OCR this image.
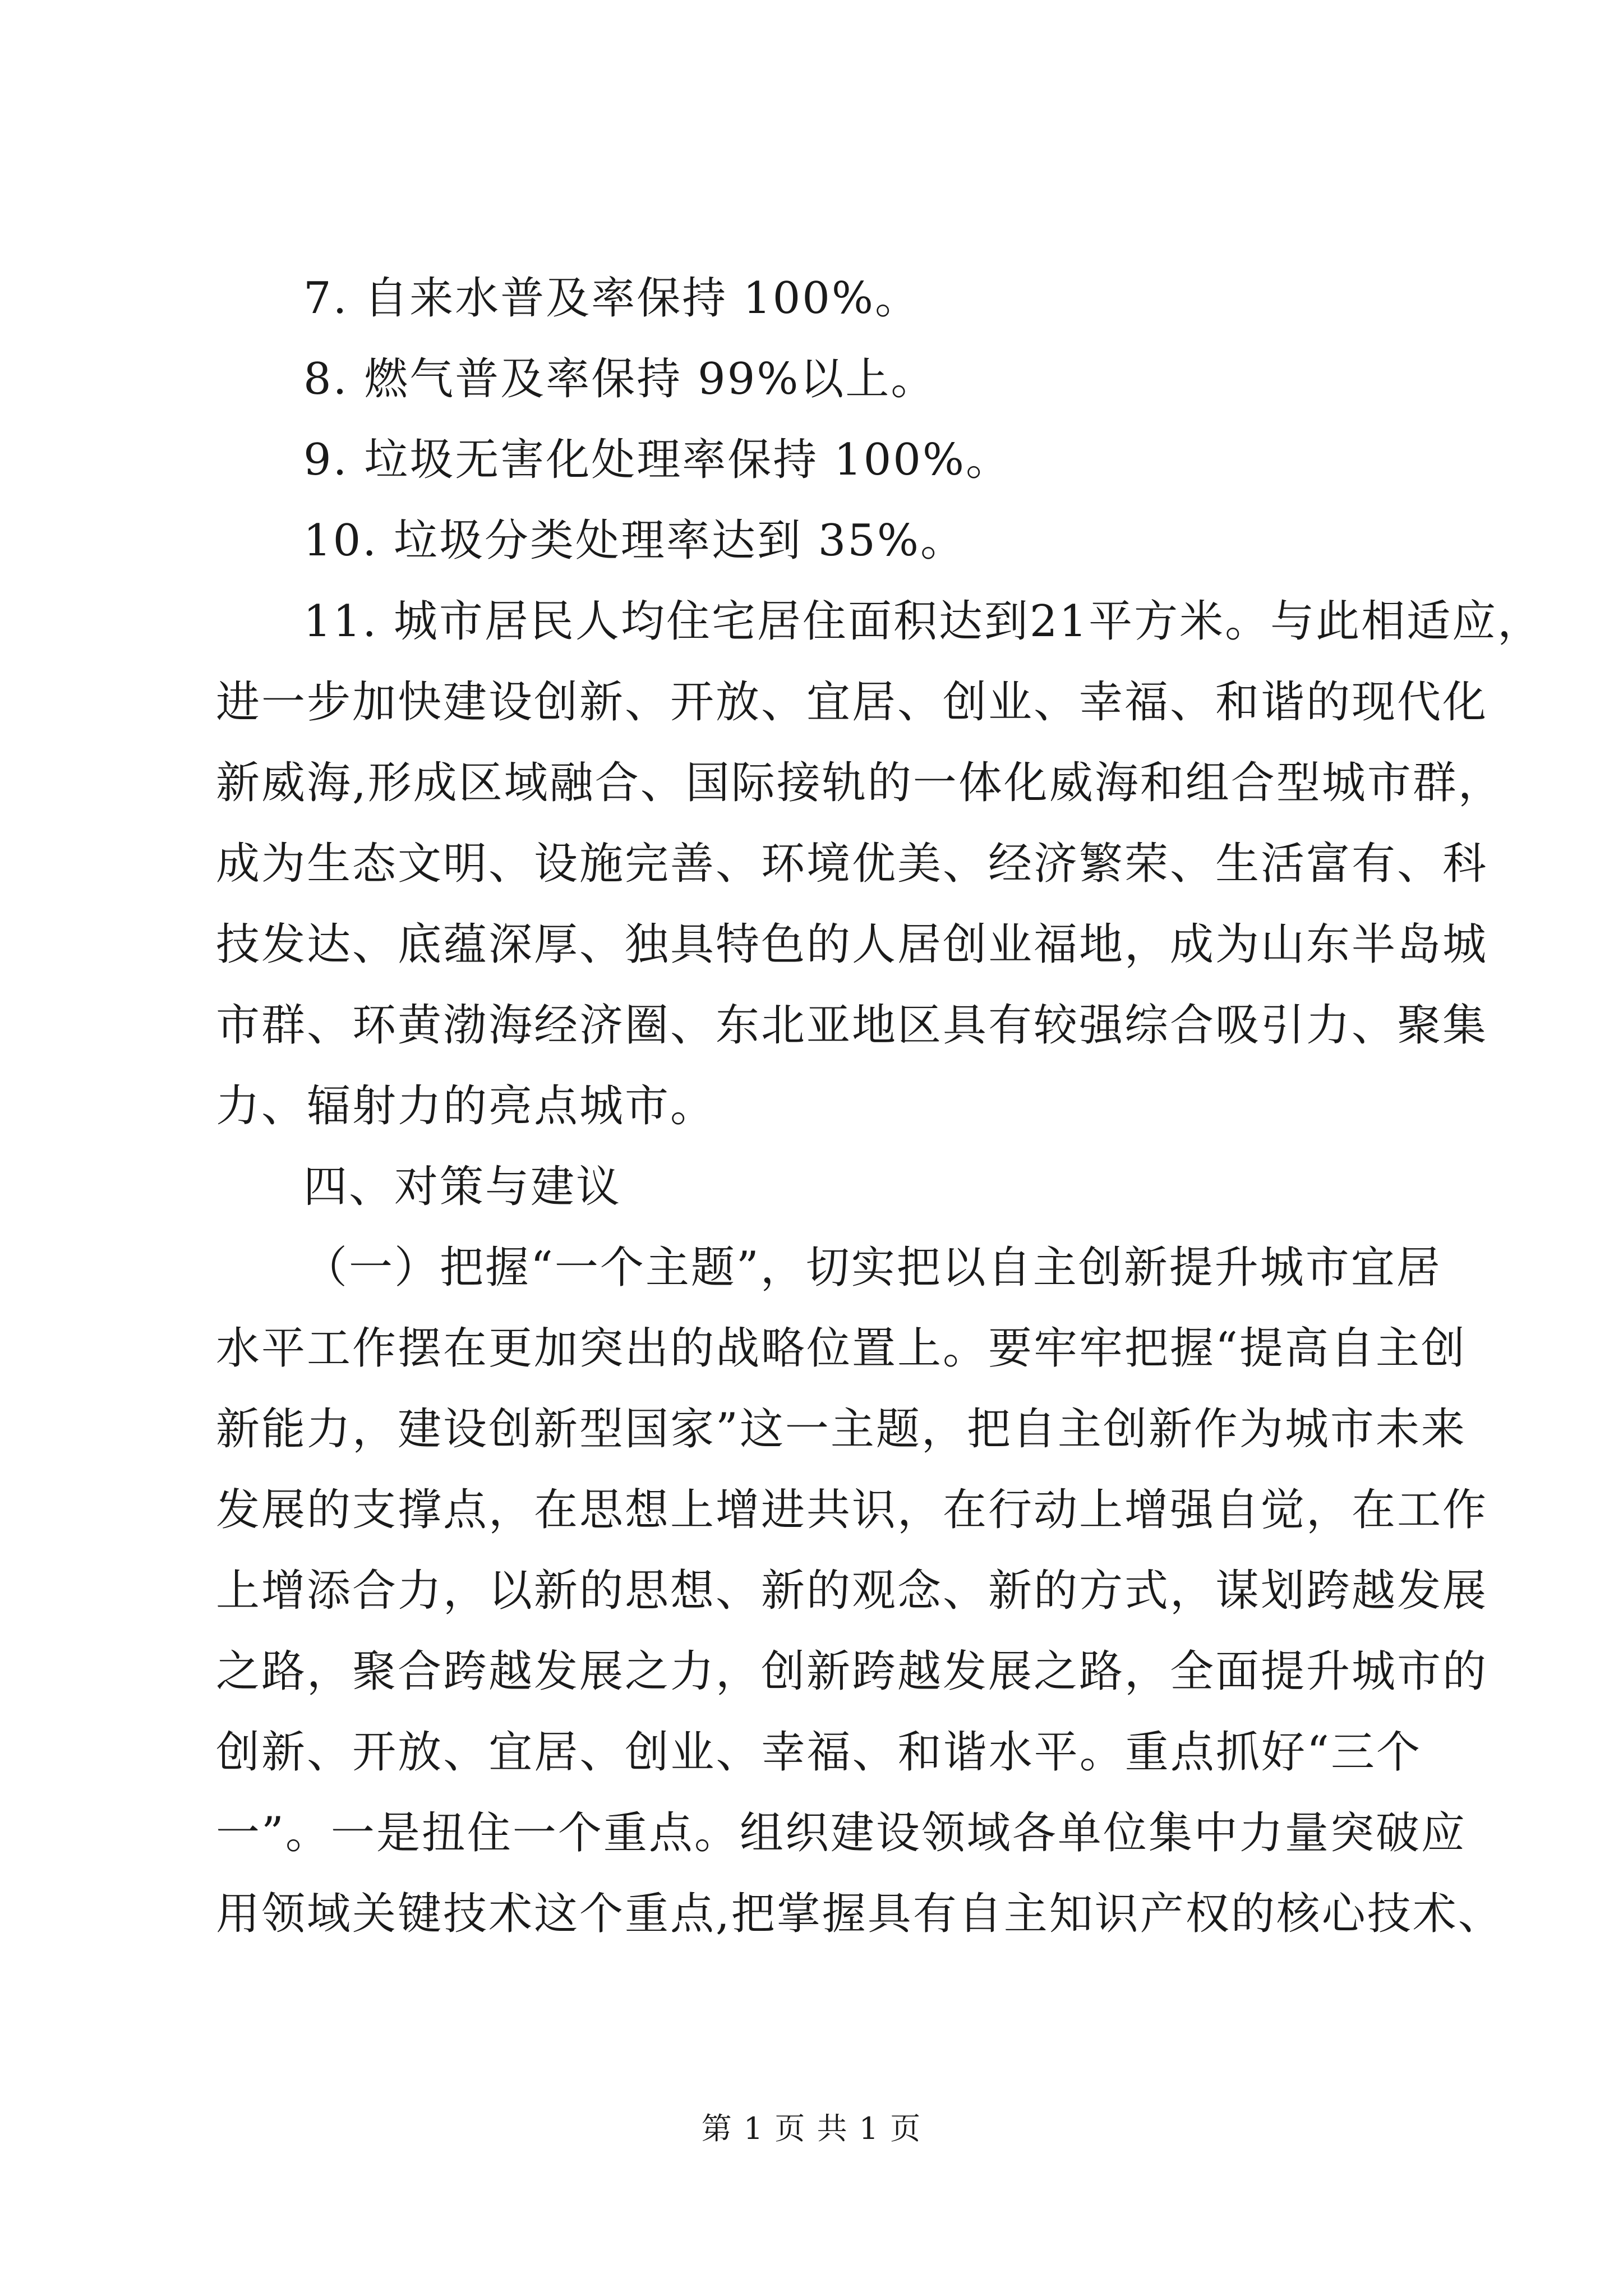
7. 自来水普及率保持 100%。

8. 燃气普及率保持 99%以上。

9. 垃圾无害化处理率保持 100%。

10. 垃圾分类处理率达到 35%。

11. 城市居民人均住宅居住面积达到21平方米。与此相适应，
进一步加快建设创新、开放、宜居、创业、幸福、和谐的现代化
新威海,形成区域融合、国际接轨的一体化威海和组合型城市群，
成为生态文明、设施完善、环境优美、经济繁荣、生活富有、科
技发达、底蕴深厚、独具特色的人居创业福地，成为山东半岛城
市群、环黄渤海经济圈、东北亚地区具有较强综合吸引力、聚集
力、辐射力的亮点城市。

四、对策与建议

（一）把握“一个主题”，切实把以自主创新提升城市宜居
水平工作摆在更加突出的战略位置上。要牢牢把握“提高自主创
新能力，建设创新型国家”这一主题，把自主创新作为城市未来
发展的支撑点，在思想上增进共识，在行动上增强自觉，在工作
上增添合力，以新的思想、新的观念、新的方式，谋划跨越发展
之路，聚合跨越发展之力，创新跨越发展之路，全面提升城市的
创新、开放、宜居、创业、幸福、和谐水平。重点抓好“三个
一”。一是扭住一个重点。组织建设领域各单位集中力量突破应
用领域关键技术这个重点,把掌握具有自主知识产权的核心技术、
第 1 页 共 1 页
